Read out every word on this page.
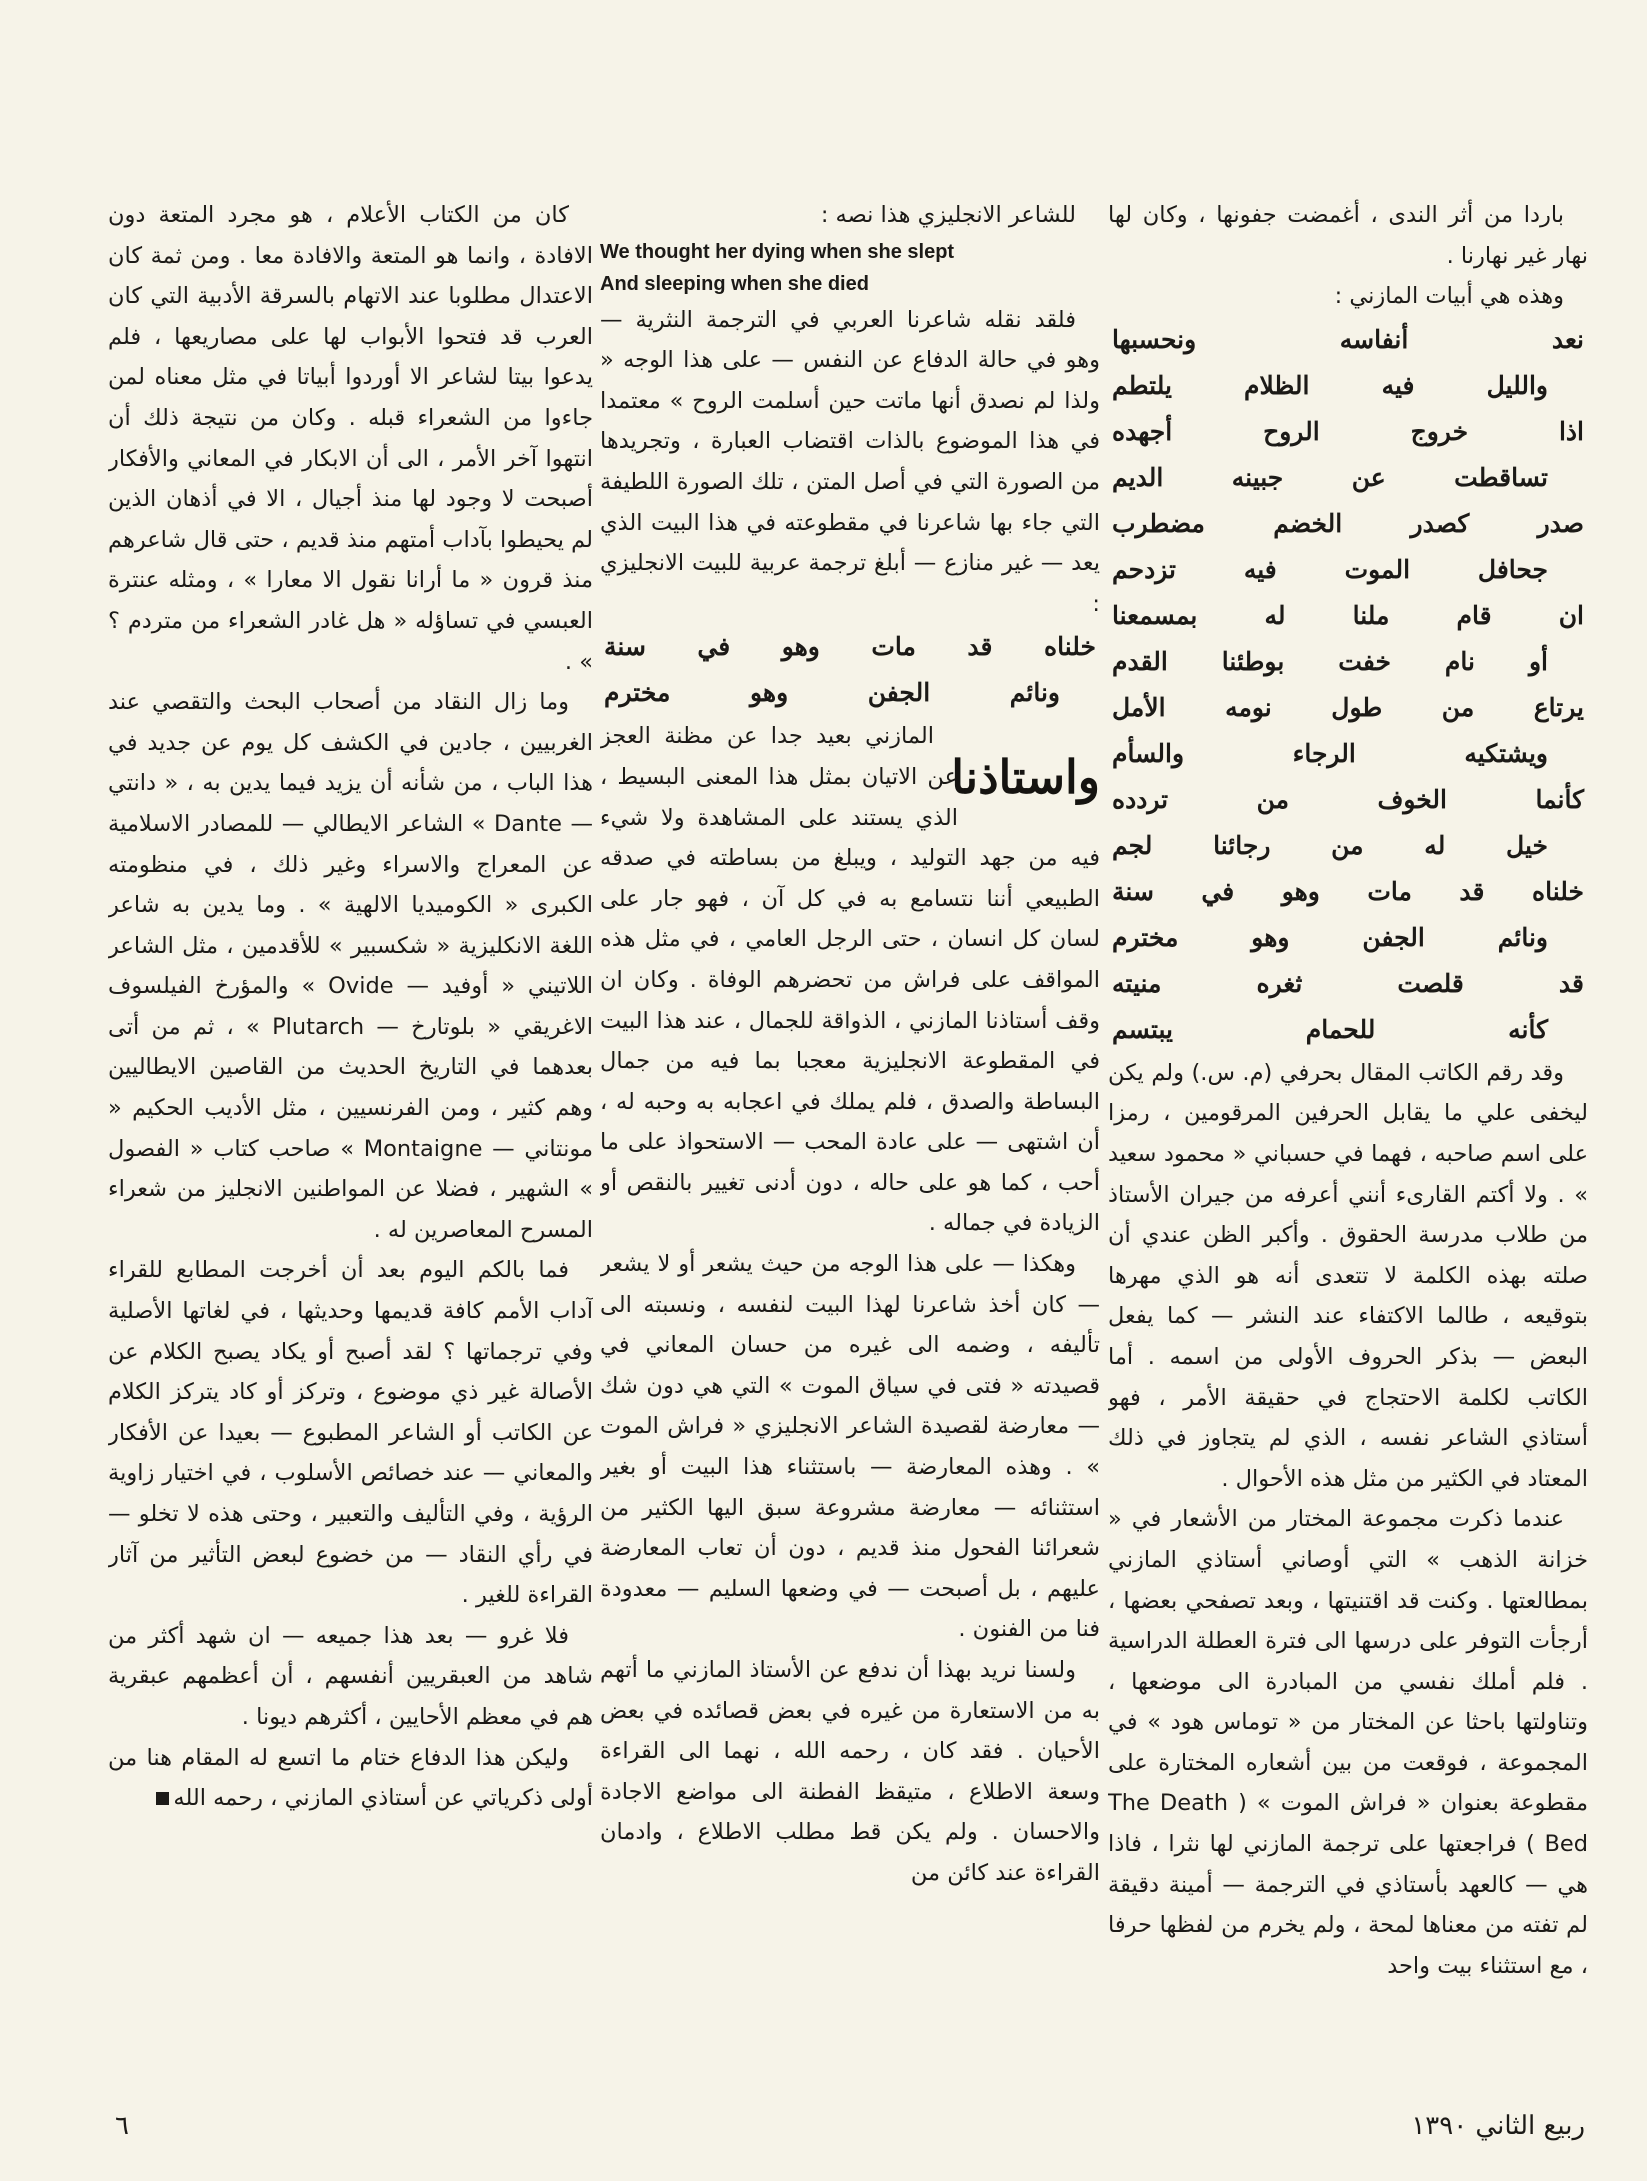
باردا من أثر الندى ، أغمضت جفونها ، وكان لها نهار غير نهارنا .

وهذه هي أبيات المازني :

نعد أنفاسه ونحسبها

والليل فيه الظلام يلتطم

اذا خروج الروح أجهده

تساقطت عن جبينه الديم

صدر كصدر الخضم مضطرب

جحافل الموت فيه تزدحم

ان قام ملنا له بمسمعنا

أو نام خفت بوطئنا القدم

يرتاع من طول نومه الأمل

ويشتكيه الرجاء والسأم

كأنما الخوف من تردده

خيل له من رجائنا لجم

خلناه قد مات وهو في سنة

ونائم الجفن وهو مخترم

قد قلصت ثغره منيته

كأنه للحمام يبتسم

وقد رقم الكاتب المقال بحرفي (م. س.) ولم يكن ليخفى علي ما يقابل الحرفين المرقومين ، رمزا على اسم صاحبه ، فهما في حسباني « محمود سعيد » . ولا أكتم القارىء أنني أعرفه من جيران الأستاذ من طلاب مدرسة الحقوق . وأكبر الظن عندي أن صلته بهذه الكلمة لا تتعدى أنه هو الذي مهرها بتوقيعه ، طالما الاكتفاء عند النشر — كما يفعل البعض — بذكر الحروف الأولى من اسمه . أما الكاتب لكلمة الاحتجاج في حقيقة الأمر ، فهو أستاذي الشاعر نفسه ، الذي لم يتجاوز في ذلك المعتاد في الكثير من مثل هذه الأحوال .

عندما ذكرت مجموعة المختار من الأشعار في « خزانة الذهب » التي أوصاني أستاذي المازني بمطالعتها . وكنت قد اقتنيتها ، وبعد تصفحي بعضها ، أرجأت التوفر على درسها الى فترة العطلة الدراسية . فلم أملك نفسي من المبادرة الى موضعها ، وتناولتها باحثا عن المختار من « توماس هود » في المجموعة ، فوقعت من بين أشعاره المختارة على مقطوعة بعنوان « فراش الموت » ( The Death Bed ) فراجعتها على ترجمة المازني لها نثرا ، فاذا هي — كالعهد بأستاذي في الترجمة — أمينة دقيقة لم تفته من معناها لمحة ، ولم يخرم من لفظها حرفا ، مع استثناء بيت واحد

للشاعر الانجليزي هذا نصه :

We thought her dying when she slept

And sleeping when she died

فلقد نقله شاعرنا العربي في الترجمة النثرية — وهو في حالة الدفاع عن النفس — على هذا الوجه « ولذا لم نصدق أنها ماتت حين أسلمت الروح » معتمدا في هذا الموضوع بالذات اقتضاب العبارة ، وتجريدها من الصورة التي في أصل المتن ، تلك الصورة اللطيفة التي جاء بها شاعرنا في مقطوعته في هذا البيت الذي يعد — غير منازع — أبلغ ترجمة عربية للبيت الانجليزي :

خلناه قد مات وهو في سنة

ونائم الجفن وهو مخترم

واستاذنا

المازني بعيد جدا عن مظنة العجز عن الاتيان بمثل هذا المعنى البسيط ، الذي يستند على المشاهدة ولا شيء فيه من جهد التوليد ، ويبلغ من بساطته في صدقه الطبيعي أننا نتسامع به في كل آن ، فهو جار على لسان كل انسان ، حتى الرجل العامي ، في مثل هذه المواقف على فراش من تحضرهم الوفاة . وكان ان وقف أستاذنا المازني ، الذواقة للجمال ، عند هذا البيت في المقطوعة الانجليزية معجبا بما فيه من جمال البساطة والصدق ، فلم يملك في اعجابه به وحبه له ، أن اشتهى — على عادة المحب — الاستحواذ على ما أحب ، كما هو على حاله ، دون أدنى تغيير بالنقص أو الزيادة في جماله .

وهكذا — على هذا الوجه من حيث يشعر أو لا يشعر — كان أخذ شاعرنا لهذا البيت لنفسه ، ونسبته الى تأليفه ، وضمه الى غيره من حسان المعاني في قصيدته « فتى في سياق الموت » التي هي دون شك — معارضة لقصيدة الشاعر الانجليزي « فراش الموت » . وهذه المعارضة — باستثناء هذا البيت أو بغير استثنائه — معارضة مشروعة سبق اليها الكثير من شعرائنا الفحول منذ قديم ، دون أن تعاب المعارضة عليهم ، بل أصبحت — في وضعها السليم — معدودة فنا من الفنون .

ولسنا نريد بهذا أن ندفع عن الأستاذ المازني ما أتهم به من الاستعارة من غيره في بعض قصائده في بعض الأحيان . فقد كان ، رحمه الله ، نهما الى القراءة وسعة الاطلاع ، متيقظ الفطنة الى مواضع الاجادة والاحسان . ولم يكن قط مطلب الاطلاع ، وادمان القراءة عند كائن من

كان من الكتاب الأعلام ، هو مجرد المتعة دون الافادة ، وانما هو المتعة والافادة معا . ومن ثمة كان الاعتدال مطلوبا عند الاتهام بالسرقة الأدبية التي كان العرب قد فتحوا الأبواب لها على مصاريعها ، فلم يدعوا بيتا لشاعر الا أوردوا أبياتا في مثل معناه لمن جاءوا من الشعراء قبله . وكان من نتيجة ذلك أن انتهوا آخر الأمر ، الى أن الابكار في المعاني والأفكار أصبحت لا وجود لها منذ أجيال ، الا في أذهان الذين لم يحيطوا بآداب أمتهم منذ قديم ، حتى قال شاعرهم منذ قرون « ما أرانا نقول الا معارا » ، ومثله عنترة العبسي في تساؤله « هل غادر الشعراء من متردم ؟ » .

وما زال النقاد من أصحاب البحث والتقصي عند الغربيين ، جادين في الكشف كل يوم عن جديد في هذا الباب ، من شأنه أن يزيد فيما يدين به ، « دانتي — Dante » الشاعر الايطالي — للمصادر الاسلامية عن المعراج والاسراء وغير ذلك ، في منظومته الكبرى « الكوميديا الالهية » . وما يدين به شاعر اللغة الانكليزية « شكسبير » للأقدمين ، مثل الشاعر اللاتيني « أوفيد — Ovide » والمؤرخ الفيلسوف الاغريقي « بلوتارخ — Plutarch » ، ثم من أتى بعدهما في التاريخ الحديث من القاصين الايطاليين وهم كثير ، ومن الفرنسيين ، مثل الأديب الحكيم « مونتاني — Montaigne » صاحب كتاب « الفصول » الشهير ، فضلا عن المواطنين الانجليز من شعراء المسرح المعاصرين له .

فما بالكم اليوم بعد أن أخرجت المطابع للقراء آداب الأمم كافة قديمها وحديثها ، في لغاتها الأصلية وفي ترجماتها ؟ لقد أصبح أو يكاد يصبح الكلام عن الأصالة غير ذي موضوع ، وتركز أو كاد يتركز الكلام عن الكاتب أو الشاعر المطبوع — بعيدا عن الأفكار والمعاني — عند خصائص الأسلوب ، في اختيار زاوية الرؤية ، وفي التأليف والتعبير ، وحتى هذه لا تخلو — في رأي النقاد — من خضوع لبعض التأثير من آثار القراءة للغير .

فلا غرو — بعد هذا جميعه — ان شهد أكثر من شاهد من العبقريين أنفسهم ، أن أعظمهم عبقرية هم في معظم الأحايين ، أكثرهم ديونا .

وليكن هذا الدفاع ختام ما اتسع له المقام هنا من أولى ذكرياتي عن أستاذي المازني ، رحمه الله

٦	ربيع الثاني ١٣٩٠
